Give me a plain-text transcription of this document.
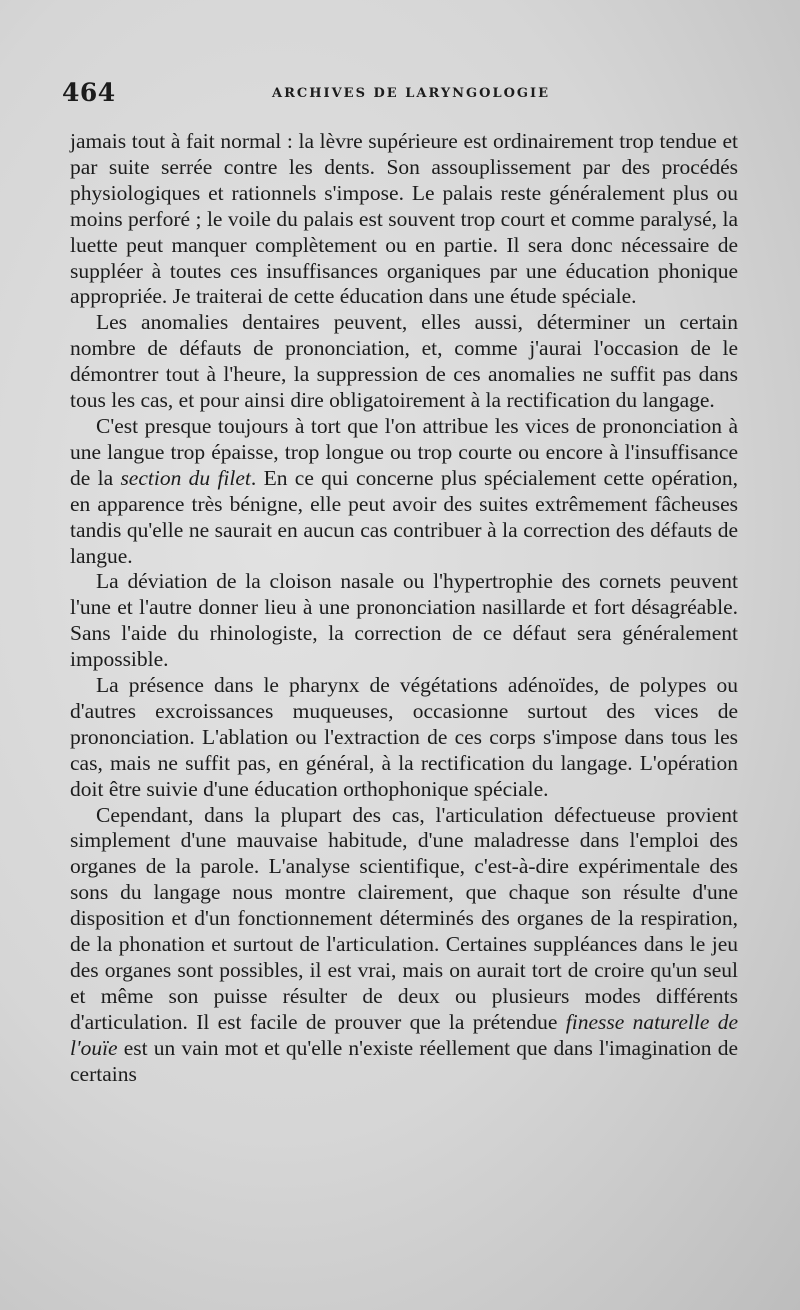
464	ARCHIVES DE LARYNGOLOGIE

jamais tout à fait normal : la lèvre supérieure est ordinairement trop tendue et par suite serrée contre les dents. Son assouplissement par des procédés physiologiques et rationnels s'impose. Le palais reste généralement plus ou moins perforé ; le voile du palais est souvent trop court et comme paralysé, la luette peut manquer complètement ou en partie. Il sera donc nécessaire de suppléer à toutes ces insuffisances organiques par une éducation phonique appropriée. Je traiterai de cette éducation dans une étude spéciale.

Les anomalies dentaires peuvent, elles aussi, déterminer un certain nombre de défauts de prononciation, et, comme j'aurai l'occasion de le démontrer tout à l'heure, la suppression de ces anomalies ne suffit pas dans tous les cas, et pour ainsi dire obligatoirement à la rectification du langage.

C'est presque toujours à tort que l'on attribue les vices de prononciation à une langue trop épaisse, trop longue ou trop courte ou encore à l'insuffisance de la section du filet. En ce qui concerne plus spécialement cette opération, en apparence très bénigne, elle peut avoir des suites extrêmement fâcheuses tandis qu'elle ne saurait en aucun cas contribuer à la correction des défauts de langue.

La déviation de la cloison nasale ou l'hypertrophie des cornets peuvent l'une et l'autre donner lieu à une prononciation nasillarde et fort désagréable. Sans l'aide du rhinologiste, la correction de ce défaut sera généralement impossible.

La présence dans le pharynx de végétations adénoïdes, de polypes ou d'autres excroissances muqueuses, occasionne surtout des vices de prononciation. L'ablation ou l'extraction de ces corps s'impose dans tous les cas, mais ne suffit pas, en général, à la rectification du langage. L'opération doit être suivie d'une éducation orthophonique spéciale.

Cependant, dans la plupart des cas, l'articulation défectueuse provient simplement d'une mauvaise habitude, d'une maladresse dans l'emploi des organes de la parole. L'analyse scientifique, c'est-à-dire expérimentale des sons du langage nous montre clairement, que chaque son résulte d'une disposition et d'un fonctionnement déterminés des organes de la respiration, de la phonation et surtout de l'articulation. Certaines suppléances dans le jeu des organes sont possibles, il est vrai, mais on aurait tort de croire qu'un seul et même son puisse résulter de deux ou plusieurs modes différents d'articulation. Il est facile de prouver que la prétendue finesse naturelle de l'ouïe est un vain mot et qu'elle n'existe réellement que dans l'imagination de certains
